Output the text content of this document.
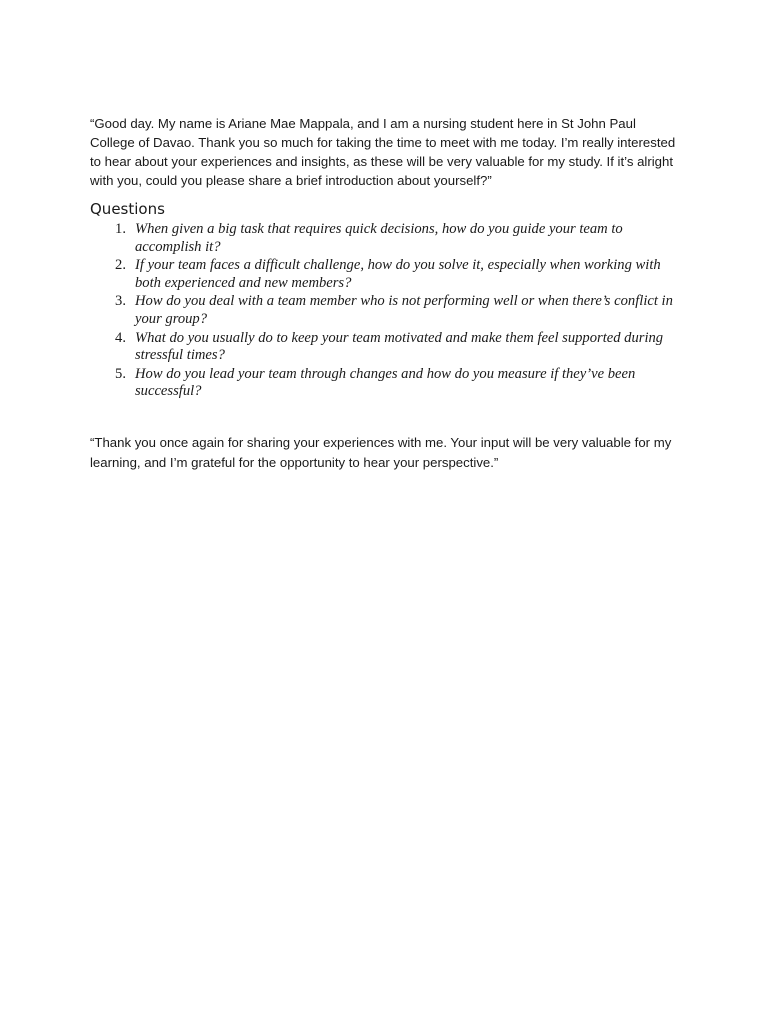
“Good day. My name is Ariane Mae Mappala, and I am a nursing student here in St John Paul College of Davao. Thank you so much for taking the time to meet with me today. I’m really interested to hear about your experiences and insights, as these will be very valuable for my study. If it’s alright with you, could you please share a brief introduction about yourself?”

Questions
1. When given a big task that requires quick decisions, how do you guide your team to accomplish it?
2. If your team faces a difficult challenge, how do you solve it, especially when working with both experienced and new members?
3. How do you deal with a team member who is not performing well or when there’s conflict in your group?
4. What do you usually do to keep your team motivated and make them feel supported during stressful times?
5. How do you lead your team through changes and how do you measure if they’ve been successful?

“Thank you once again for sharing your experiences with me. Your input will be very valuable for my learning, and I’m grateful for the opportunity to hear your perspective.”
